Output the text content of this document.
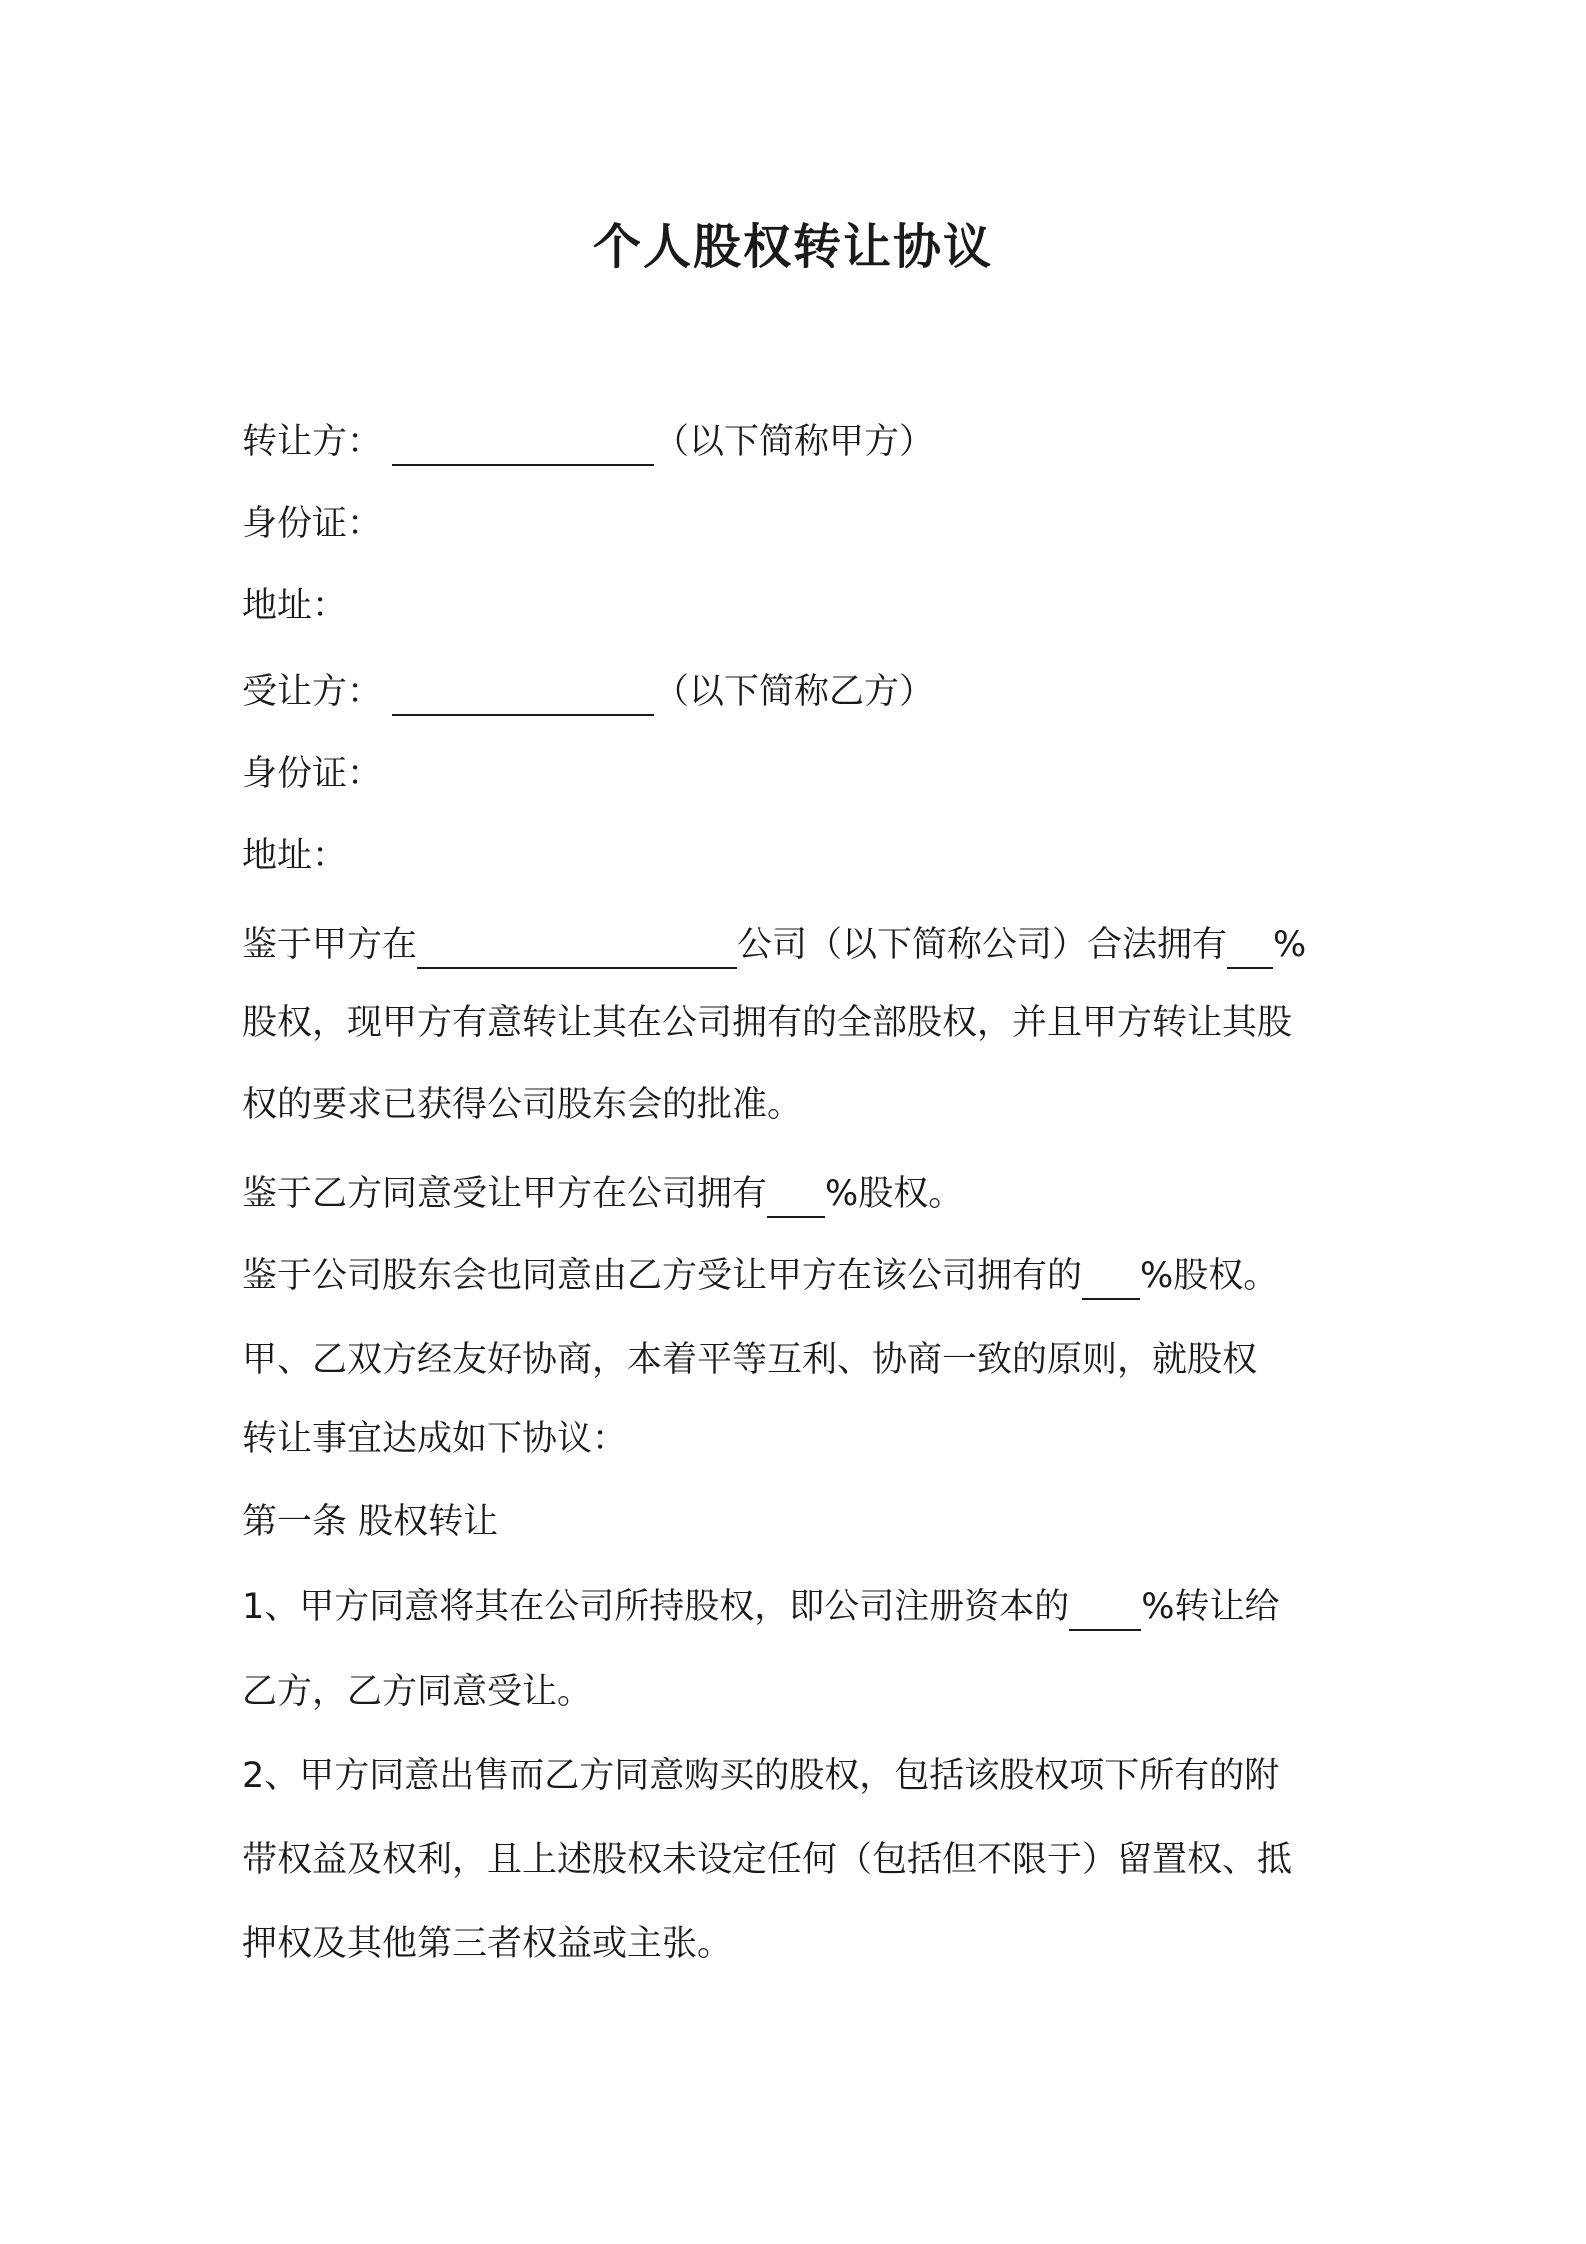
个人股权转让协议
转让方：	（以下简称甲方）
身份证：
地址：
受让方：	（以下简称乙方）
身份证：
地址：
鉴于甲方在	公司（以下简称公司）合法拥有 %
股权，现甲方有意转让其在公司拥有的全部股权，并且甲方转让其股
权的要求已获得公司股东会的批准。
鉴于乙方同意受让甲方在公司拥有 %股权。
鉴于公司股东会也同意由乙方受让甲方在该公司拥有的 %股权。
甲、乙双方经友好协商，本着平等互利、协商一致的原则，就股权
转让事宜达成如下协议：
第一条 股权转让
1、甲方同意将其在公司所持股权，即公司注册资本的 %转让给
乙方，乙方同意受让。
2、甲方同意出售而乙方同意购买的股权，包括该股权项下所有的附
带权益及权利，且上述股权未设定任何（包括但不限于）留置权、抵
押权及其他第三者权益或主张。
